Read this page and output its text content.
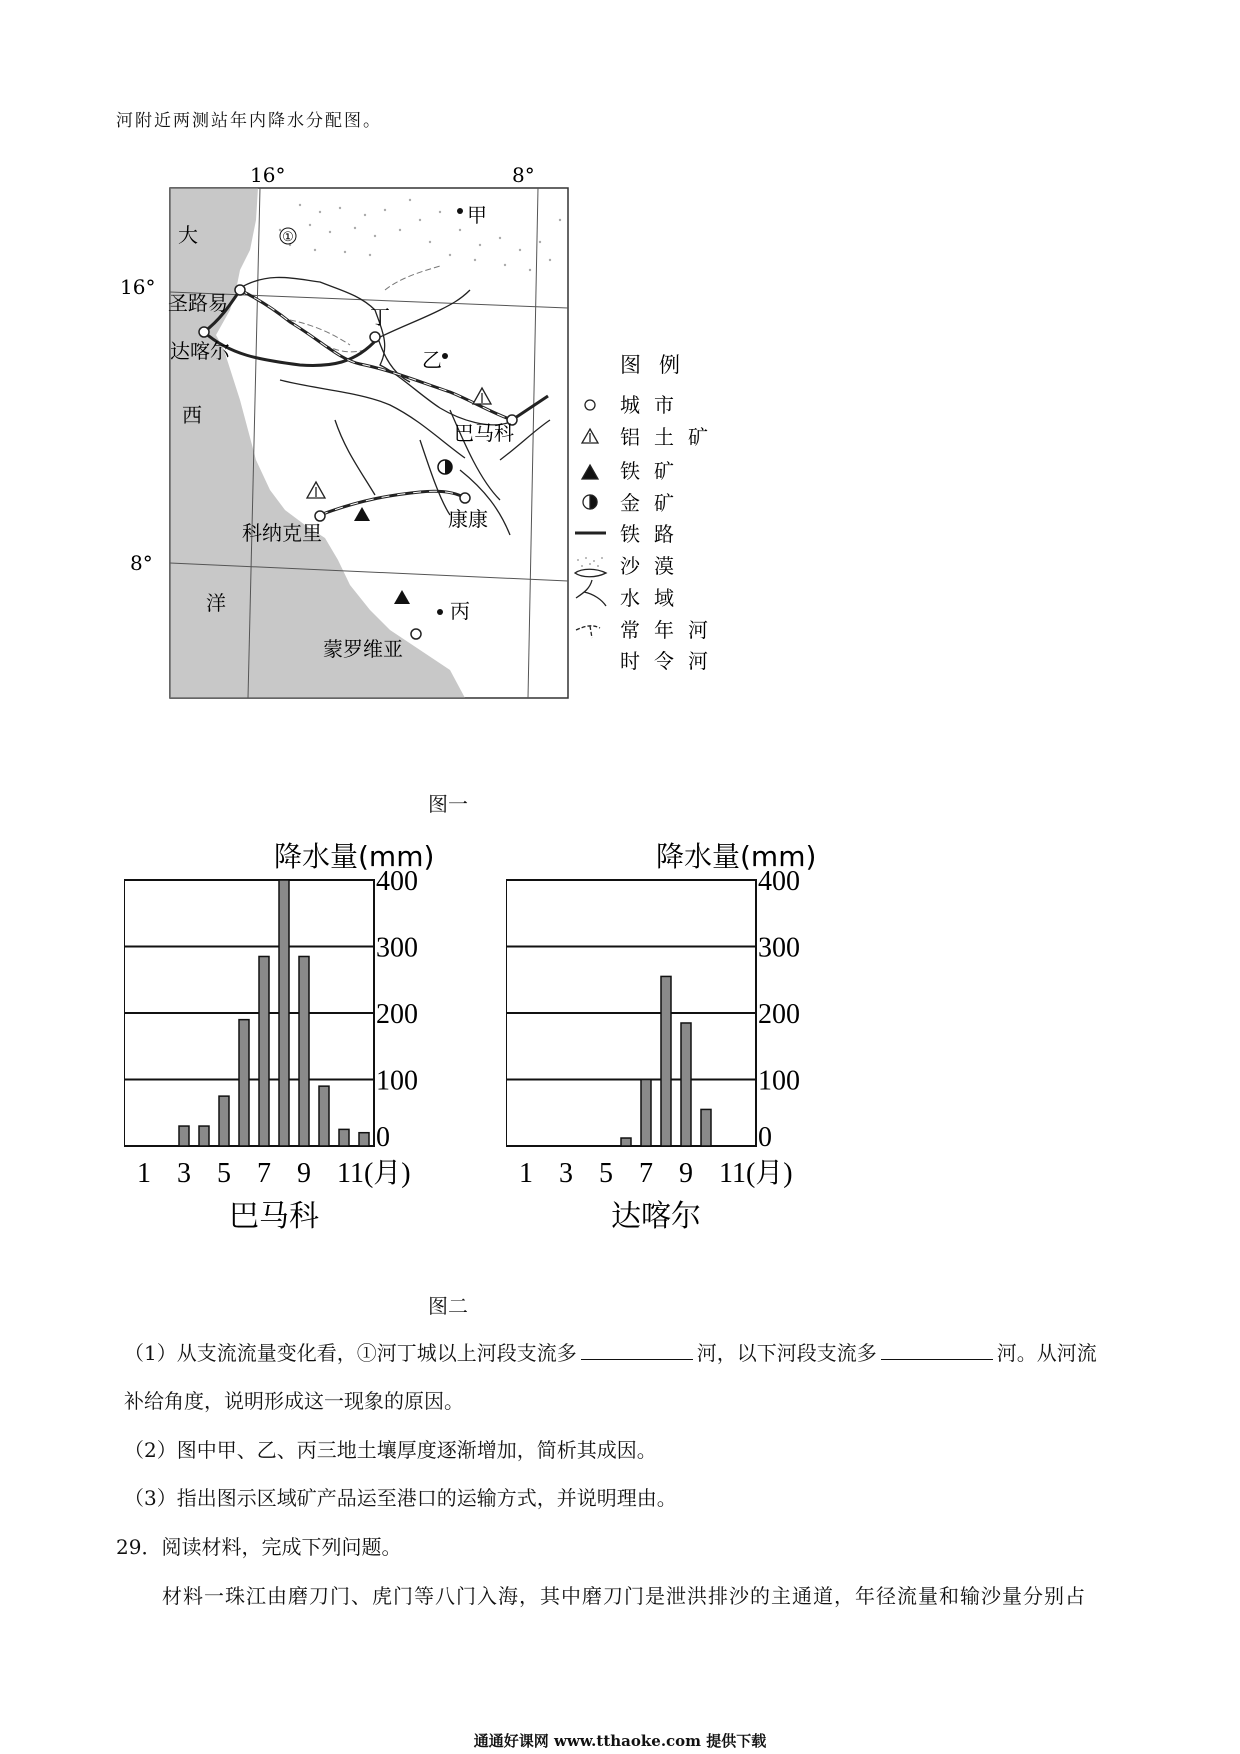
河附近两测站年内降水分配图。
①
16°	8°
16°
8°
大
西
洋
甲
乙
丙
丁
圣路易
达喀尔
巴马科
康康
科纳克里
蒙罗维亚
图例
城市
铝土矿
铁矿
金矿
铁路
沙漠
水域
常年河
时令河
图一
降水量(mm)
0
100
200
300
400
1 3 5 7 9 11(月)
巴马科
降水量(mm)
0
100
200
300
400
1 3 5 7 9 11(月)
达喀尔
图二
（1）从支流流量变化看，①河丁城以上河段支流多	河，以下河段支流多	河。从河流
补给角度，说明形成这一现象的原因。
（2）图中甲、乙、丙三地土壤厚度逐渐增加，简析其成因。
（3）指出图示区域矿产品运至港口的运输方式，并说明理由。
29．阅读材料，完成下列问题。
材料一珠江由磨刀门、虎门等八门入海，其中磨刀门是泄洪排沙的主通道，年径流量和输沙量分别占
通通好课网 www.tthaoke.com 提供下载
